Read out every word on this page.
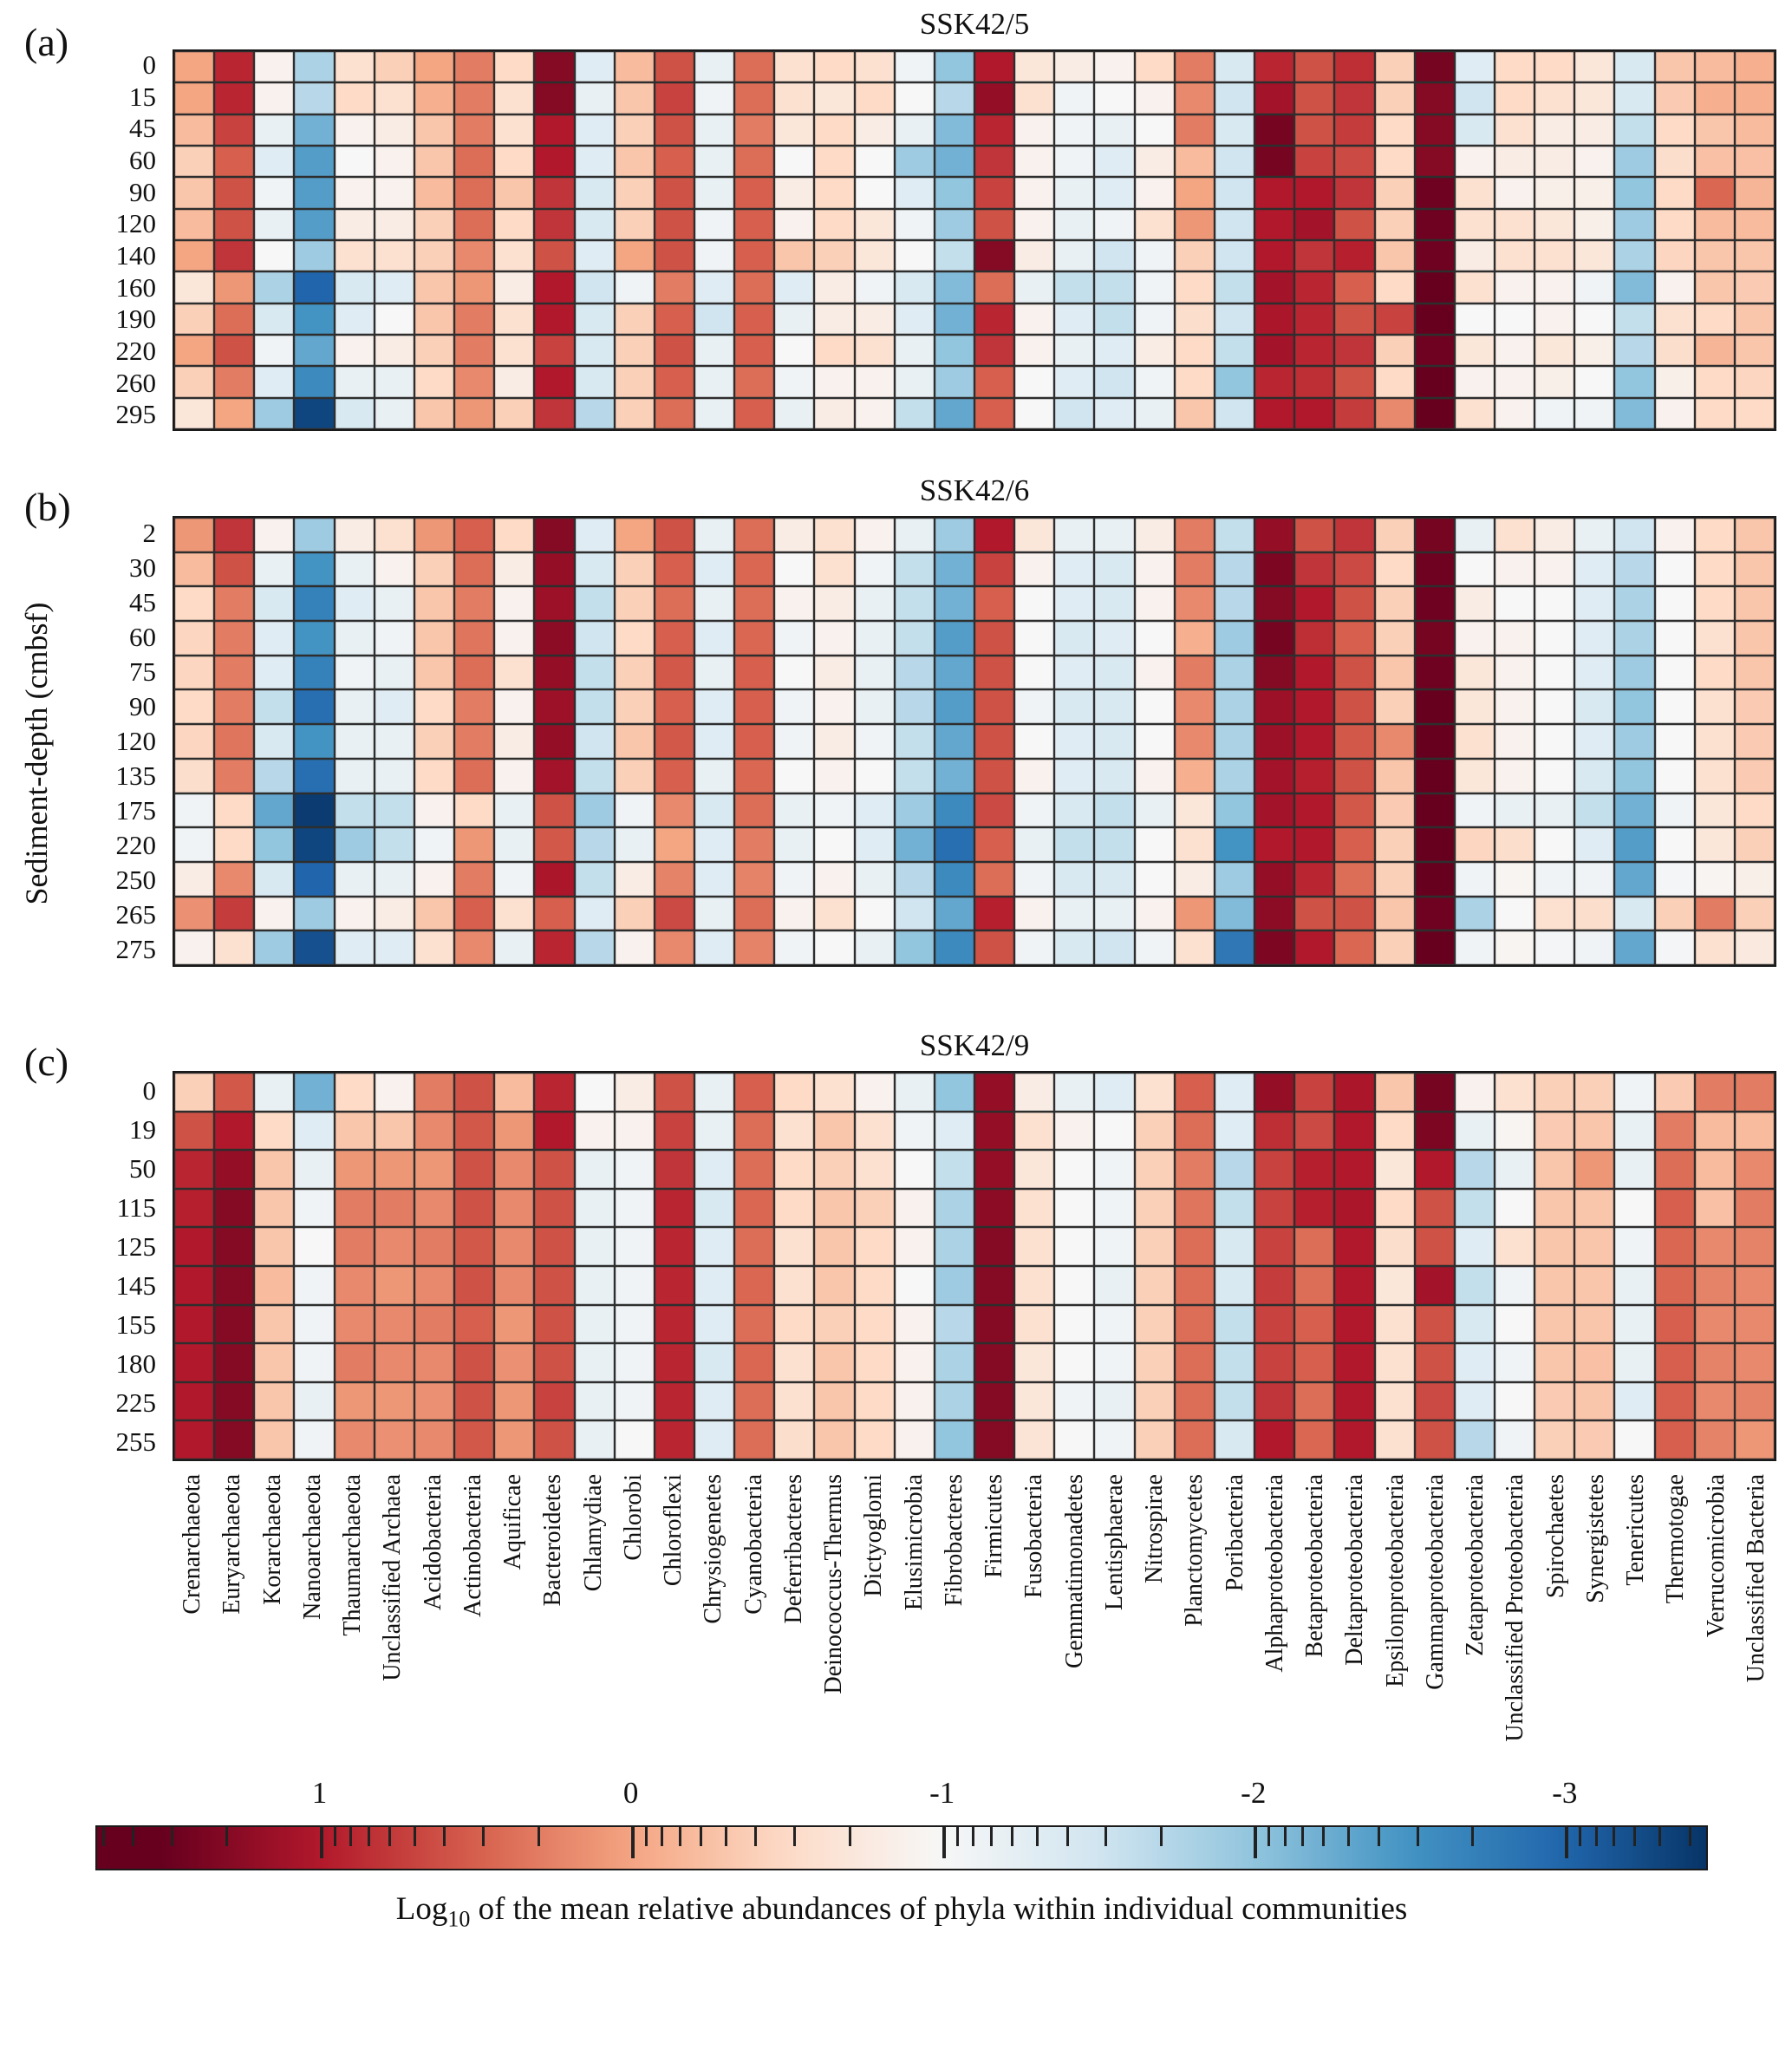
Sediment-depth (cmbsf)
(a)	SSK42/5
0
15
45
60
90
120
140
160
190
220
260
295
(b)	SSK42/6
2
30
45
60
75
90
120
135
175
220
250
265
275
(c)	SSK42/9
0
19
50
115
125
145
155
180
225
255
Crenarchaeota Euryarchaeota Korarchaeota Nanoarchaeota Thaumarchaeota Unclassified Archaea Acidobacteria Actinobacteria Aquificae Bacteroidetes Chlamydiae Chlorobi Chloroflexi Chrysiogenetes Cyanobacteria Deferribacteres Deinococcus-Thermus Dictyoglomi Elusimicrobia Fibrobacteres Firmicutes Fusobacteria Gemmatimonadetes Lentisphaerae Nitrospirae Planctomycetes Poribacteria Alphaproteobacteria Betaproteobacteria Deltaproteobacteria Epsilonproteobacteria Gammaproteobacteria Zetaproteobacteria Unclassified Proteobacteria Spirochaetes Synergistetes Tenericutes Thermotogae Verrucomicrobia Unclassified Bacteria
1	0	-1	-2	-3
Log$_{10}$ of the mean relative abundances of phyla within individual communities
